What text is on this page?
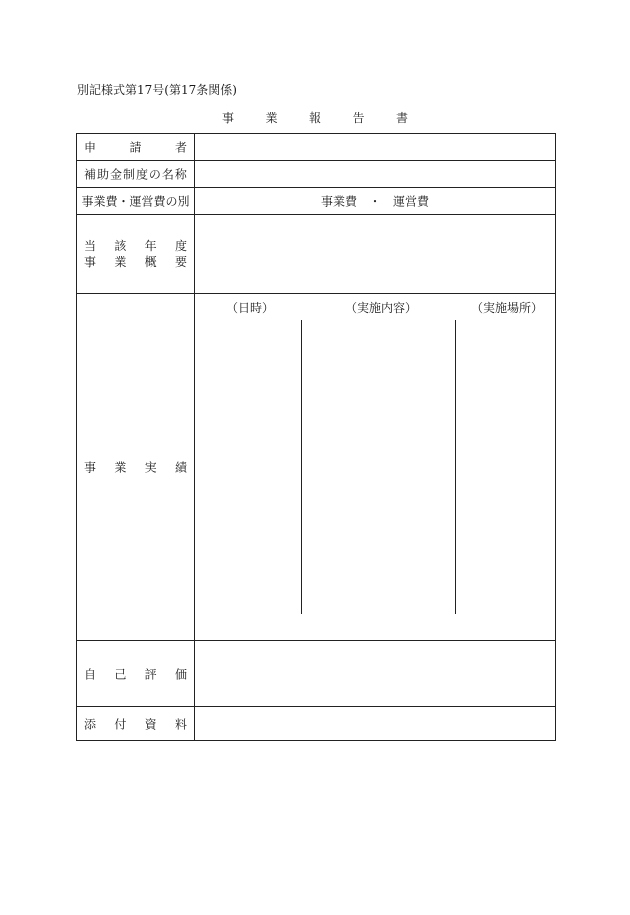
別記様式第17号(第17条関係)
事	業	報	告	書
申	請	者
補 助 金 制 度 の 名 称
事業費・運営費の別	事業費　・　運営費
当 該 年 度
事 業 概 要
事 業 実 績
（日時）	（実施内容）	（実施場所）
自 己 評 価
添 付 資 料
